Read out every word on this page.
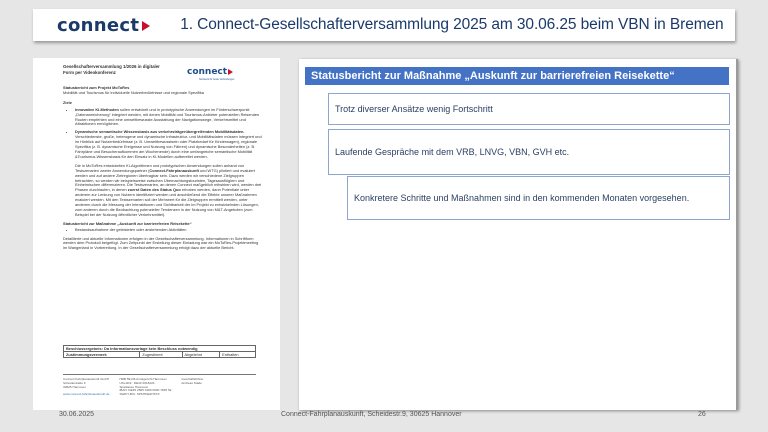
connect	1. Connect-Gesellschafterversammlung 2025 am 30.06.25 beim VBN in Bremen
Gesellschafterversammlung 1/2026 in digitaler
Form per Videokonferenz	connect
Netzwerk für beste Verbindungen

Statusbericht zum Projekt MoToRes
Mobilität und Tourismus für individuelle Nutzerbedürfnisse und regionale Spezifika

Ziele

• Innovative KI-Methoden sollen entwickelt und in prototypische Anwendungen im Förderschwerpunkt „Datenanreicherung“ integriert werden, mit denen Mobilität und Tourismus-Anbieter potenziellen Reisenden Routen empfehlen und eine umweltbewusste Ausstattung der Navigationswege, Verkehrsmittel und Attraktionen ermöglichen.
• Dynamische semantische Wissensbasis aus verkehrsträgerübergreifenden Mobilitätsdaten. Verschiedenste, große, heterogene und dynamische Infrastruktur- und Mobilitätsdaten müssen integriert und im Hinblick auf Nutzerbedürfnisse (z. B. Umweltbewusstsein oder Platzbedarf für Kinderwagen), regionale Spezifika (z. B. dynamische Ereignisse und Nutzung von Fähren) und dynamische Besonderheiten (z. B. Fahrpläne und Besucheraufkommen am Wochenende) durch eine umfangreiche semantische Mobilität &Tourismus-Wissensbasis für den Einsatz in KI-Modellen aufbereitet werden.

Die in MoToRes entwickelten KI-Algorithmen und prototypischen Anwendungen sollen anhand von Testszenarien zweier Anwendungspartner (Connect-Fahrplanauskunft und WTG) pilotiert und evaluiert werden und auf andere Zielregionen übertragbar sein. Dazu werden wir verschiedene Zielgruppen betrachten, so werden wir beispielsweise zwischen Übernachtungstouristen, Tagesausflüglern und Einheimischen differenzieren. Die Testszenarien, an denen Connect maßgeblich mitwirken wird, werden drei Phasen durchlaufen, in denen zuerst Daten des Status Quo erhoben werden, dann Potentiale unter anderem zur Lenkung von Nutzern identifiziert werden und anschließend die Effekte unserer Maßnahmen evaluiert werden. Mit den Testszenarien soll der Mehrwert für die Zielgruppen ermittelt werden, unter anderem durch die Messung der Interaktionen und Sichtbarkeit der im Projekt zu entwickelnden Lösungen, zum anderen durch die Beobachtung potenzieller Tendenzen in der Nutzung von M&T-Angeboten (zum Beispiel bei der Nutzung öffentlicher Verkehrsmittel).

Statusbericht zur Maßnahme „Auskunft zur barrierefreien Reisekette“

• Bestandsaufnahme der geleisteten oder anstehenden Aktivitäten

Detaillierte und aktuelle Informationen erfolgen in der Gesellschafterversammlung. Informationen in Schriftform werden dem Protokoll beigefügt. Zum Zeitpunkt der Erstellung dieser Einladung war ein MoToRes-Projektmeeting im Wangerland in Vorbereitung. In der Gesellschafterversammlung erfolgt dazu der aktuelle Bericht.

Beschlussergebnis: Da Informationsvorlage kein Beschluss notwendig
Zustimmungsvermerk	Zugestimmt	Abgelehnt	Enthalten
Connect Fahrplanauskunft GmbH
Scheidestraße 9
30625 Hannover

www.connect-fahrplanauskunft.de
HRB 59146 Amtsgericht Hannover
USt-IdNr.: DE32 0018224
Sparkasse Hannover
IBAN: DE35 2505 0180 0000 7835 52
SWIFT-BIC: SPKHDE2HXXX
Geschäftsführer
Andreas Stade
Statusbericht zur Maßnahme „Auskunft zur barrierefreien Reisekette“
Trotz diverser Ansätze wenig Fortschritt
Laufende Gespräche mit dem VRB, LNVG, VBN, GVH etc.
Konkretere Schritte und Maßnahmen sind in den kommenden Monaten vorgesehen.
30.06.2025	Connect-Fahrplanauskunft, Scheidestr.9, 30625 Hannover	26
